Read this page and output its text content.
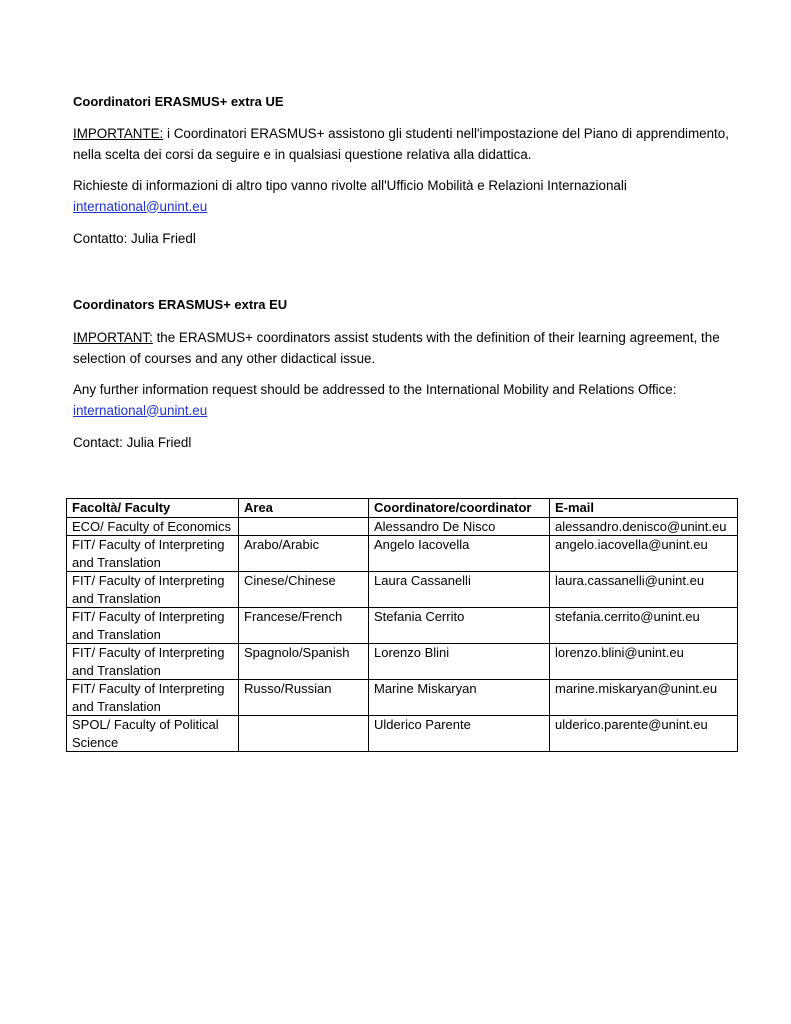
Coordinatori ERASMUS+ extra UE
IMPORTANTE: i Coordinatori ERASMUS+ assistono gli studenti nell'impostazione del Piano di apprendimento, nella scelta dei corsi da seguire e in qualsiasi questione relativa alla didattica.
Richieste di informazioni di altro tipo vanno rivolte all'Ufficio Mobilità e Relazioni Internazionali
international@unint.eu
Contatto: Julia Friedl
Coordinators ERASMUS+ extra EU
IMPORTANT: the ERASMUS+ coordinators assist students with the definition of their learning agreement, the selection of courses and any other didactical issue.
Any further information request should be addressed to the International Mobility and Relations Office:
international@unint.eu
Contact: Julia Friedl
Facoltà/ Faculty	Area	Coordinatore/coordinator	E-mail
ECO/ Faculty of Economics		Alessandro De Nisco	alessandro.denisco@unint.eu
FIT/ Faculty of Interpreting and Translation	Arabo/Arabic	Angelo Iacovella	angelo.iacovella@unint.eu
FIT/ Faculty of Interpreting and Translation	Cinese/Chinese	Laura Cassanelli	laura.cassanelli@unint.eu
FIT/ Faculty of Interpreting and Translation	Francese/French	Stefania Cerrito	stefania.cerrito@unint.eu
FIT/ Faculty of Interpreting and Translation	Spagnolo/Spanish	Lorenzo Blini	lorenzo.blini@unint.eu
FIT/ Faculty of Interpreting and Translation	Russo/Russian	Marine Miskaryan	marine.miskaryan@unint.eu
SPOL/ Faculty of Political Science		Ulderico Parente	ulderico.parente@unint.eu
